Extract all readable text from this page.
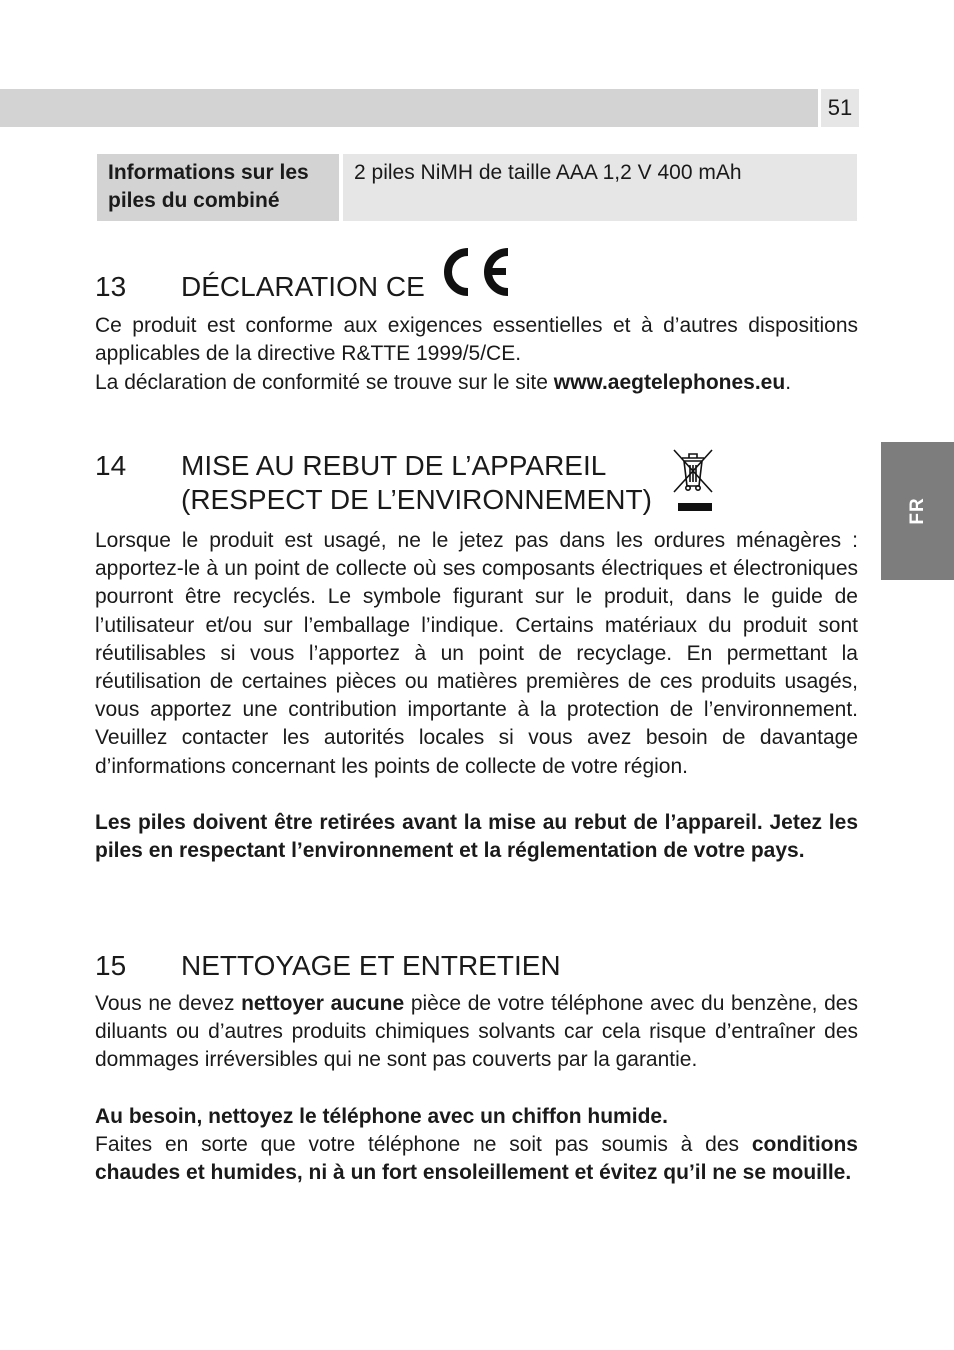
51
FR
Informations sur les piles du combiné
2 piles NiMH de taille AAA 1,2 V 400 mAh
13 DÉCLARATION CE

Ce produit est conforme aux exigences essentielles et à d’autres dispositions applicables de la directive R&TTE 1999/5/CE.

La déclaration de conformité se trouve sur le site www.aegtelephones.eu.

14 MISE AU REBUT DE L’APPAREIL
(RESPECT DE L’ENVIRONNEMENT)

Lorsque le produit est usagé, ne le jetez pas dans les ordures ménagères : apportez-le à un point de collecte où ses composants électriques et électroniques pourront être recyclés. Le symbole figurant sur le produit, dans le guide de l’utilisateur et/ou sur l’emballage l’indique. Certains matériaux du produit sont réutilisables si vous l’apportez à un point de recyclage. En permettant la réutilisation de certaines pièces ou matières premières de ces produits usagés, vous apportez une contribution importante à la protection de l’environnement. Veuillez contacter les autorités locales si vous avez besoin de davantage d’informations concernant les points de collecte de votre région.

Les piles doivent être retirées avant la mise au rebut de l’appareil. Jetez les piles en respectant l’environnement et la réglementation de votre pays.

15 NETTOYAGE ET ENTRETIEN

Vous ne devez nettoyer aucune pièce de votre téléphone avec du benzène, des diluants ou d’autres produits chimiques solvants car cela risque d’entraîner des dommages irréversibles qui ne sont pas couverts par la garantie.

Au besoin, nettoyez le téléphone avec un chiffon humide.

Faites en sorte que votre téléphone ne soit pas soumis à des conditions chaudes et humides, ni à un fort ensoleillement et évitez qu’il ne se mouille.
